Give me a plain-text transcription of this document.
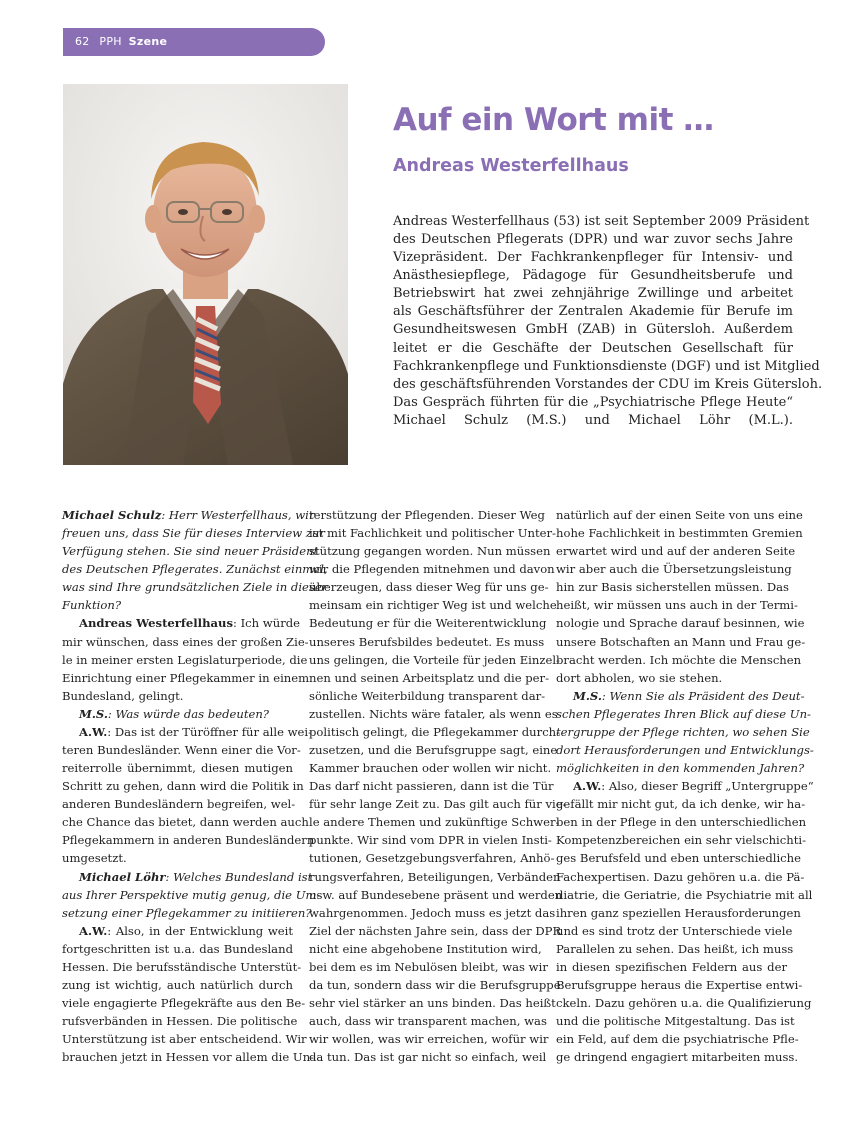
62 PPH Szene
Auf ein Wort mit …
Andreas Westerfellhaus
Andreas Westerfellhaus (53) ist seit September 2009 Präsident
des Deutschen Pflegerats (DPR) und war zuvor sechs Jahre
Vizepräsident. Der Fachkrankenpfleger für Intensiv- und
Anästhesiepflege, Pädagoge für Gesundheitsberufe und
Betriebswirt hat zwei zehnjährige Zwillinge und arbeitet
als Geschäftsführer der Zentralen Akademie für Berufe im
Gesundheitswesen GmbH (ZAB) in Gütersloh. Außerdem
leitet er die Geschäfte der Deutschen Gesellschaft für
Fachkrankenpflege und Funktionsdienste (DGF) und ist Mitglied
des geschäftsführenden Vorstandes der CDU im Kreis Gütersloh.
Das Gespräch führten für die „Psychiatrische Pflege Heute“
Michael Schulz (M.S.) und Michael Löhr (M.L.).
Michael Schulz: Herr Westerfellhaus, wir
freuen uns, dass Sie für dieses Interview zur
Verfügung stehen. Sie sind neuer Präsident
des Deutschen Pflegerates. Zunächst einmal,
was sind Ihre grundsätzlichen Ziele in dieser
Funktion?
Andreas Westerfellhaus: Ich würde
mir wünschen, dass eines der großen Zie-
le in meiner ersten Legislaturperiode, die
Einrichtung einer Pflegekammer in einem
Bundesland, gelingt.
M.S.: Was würde das bedeuten?
A.W.: Das ist der Türöffner für alle wei-
teren Bundesländer. Wenn einer die Vor-
reiterrolle übernimmt, diesen mutigen
Schritt zu gehen, dann wird die Politik in
anderen Bundesländern begreifen, wel-
che Chance das bietet, dann werden auch
Pflegekammern in anderen Bundesländern
umgesetzt.
Michael Löhr: Welches Bundesland ist
aus Ihrer Perspektive mutig genug, die Um-
setzung einer Pflegekammer zu initiieren?
A.W.: Also, in der Entwicklung weit
fortgeschritten ist u.a. das Bundesland
Hessen. Die berufsständische Unterstüt-
zung ist wichtig, auch natürlich durch
viele engagierte Pflegekräfte aus den Be-
rufsverbänden in Hessen. Die politische
Unterstützung ist aber entscheidend. Wir
brauchen jetzt in Hessen vor allem die Un-
terstützung der Pflegenden. Dieser Weg
ist mit Fachlichkeit und politischer Unter-
stützung gegangen worden. Nun müssen
wir die Pflegenden mitnehmen und davon
überzeugen, dass dieser Weg für uns ge-
meinsam ein richtiger Weg ist und welche
Bedeutung er für die Weiterentwicklung
unseres Berufsbildes bedeutet. Es muss
uns gelingen, die Vorteile für jeden Einzel-
nen und seinen Arbeitsplatz und die per-
sönliche Weiterbildung transparent dar-
zustellen. Nichts wäre fataler, als wenn es
politisch gelingt, die Pflegekammer durch-
zusetzen, und die Berufsgruppe sagt, eine
Kammer brauchen oder wollen wir nicht.
Das darf nicht passieren, dann ist die Tür
für sehr lange Zeit zu. Das gilt auch für vie-
le andere Themen und zukünftige Schwer-
punkte. Wir sind vom DPR in vielen Insti-
tutionen, Gesetzgebungsverfahren, Anhö-
rungsverfahren, Beteiligungen, Verbänden
usw. auf Bundesebene präsent und werden
wahrgenommen. Jedoch muss es jetzt das
Ziel der nächsten Jahre sein, dass der DPR
nicht eine abgehobene Institution wird,
bei dem es im Nebulösen bleibt, was wir
da tun, sondern dass wir die Berufsgruppe
sehr viel stärker an uns binden. Das heißt
auch, dass wir transparent machen, was
wir wollen, was wir erreichen, wofür wir
da tun. Das ist gar nicht so einfach, weil
natürlich auf der einen Seite von uns eine
hohe Fachlichkeit in bestimmten Gremien
erwartet wird und auf der anderen Seite
wir aber auch die Übersetzungsleistung
hin zur Basis sicherstellen müssen. Das
heißt, wir müssen uns auch in der Termi-
nologie und Sprache darauf besinnen, wie
unsere Botschaften an Mann und Frau ge-
bracht werden. Ich möchte die Menschen
dort abholen, wo sie stehen.
M.S.: Wenn Sie als Präsident des Deut-
schen Pflegerates Ihren Blick auf diese Un-
tergruppe der Pflege richten, wo sehen Sie
dort Herausforderungen und Entwicklungs-
möglichkeiten in den kommenden Jahren?
A.W.: Also, dieser Begriff „Untergruppe“
gefällt mir nicht gut, da ich denke, wir ha-
ben in der Pflege in den unterschiedlichen
Kompetenzbereichen ein sehr vielschichti-
ges Berufsfeld und eben unterschiedliche
Fachexpertisen. Dazu gehören u.a. die Pä-
diatrie, die Geriatrie, die Psychiatrie mit all
ihren ganz speziellen Herausforderungen
und es sind trotz der Unterschiede viele
Parallelen zu sehen. Das heißt, ich muss
in diesen spezifischen Feldern aus der
Berufsgruppe heraus die Expertise entwi-
ckeln. Dazu gehören u.a. die Qualifizierung
und die politische Mitgestaltung. Das ist
ein Feld, auf dem die psychiatrische Pfle-
ge dringend engagiert mitarbeiten muss.
